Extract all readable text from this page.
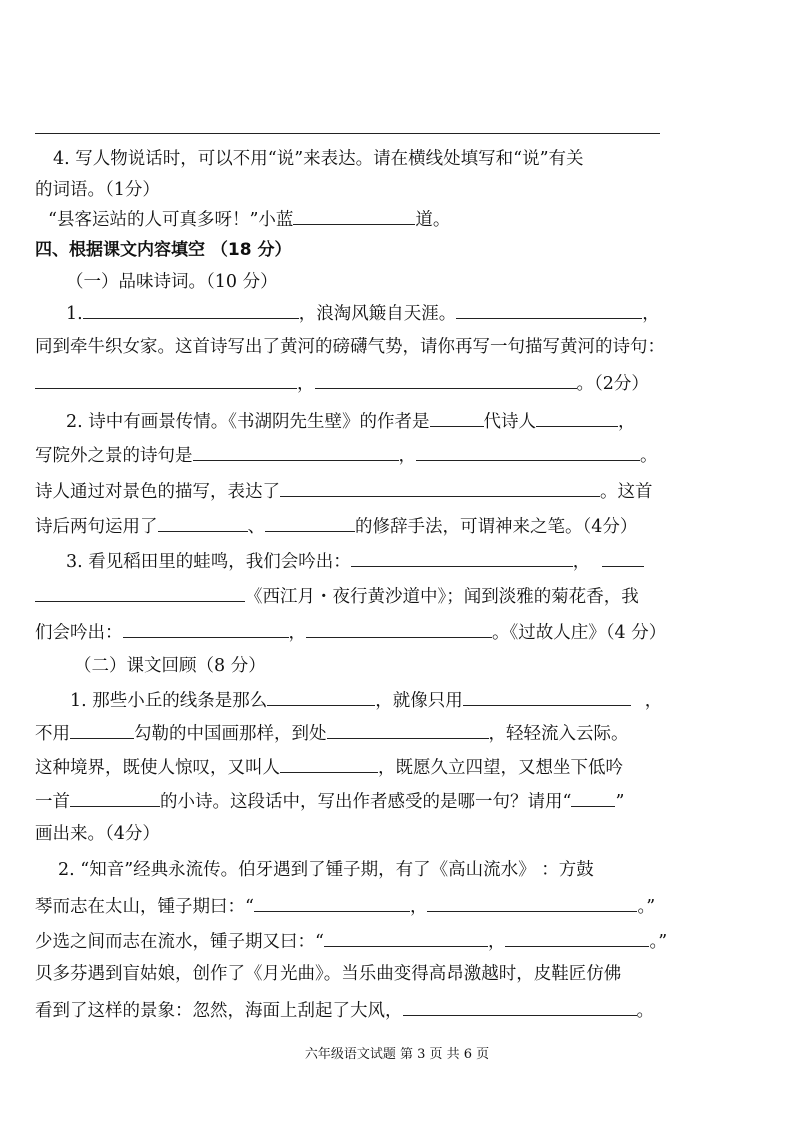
4. 写人物说话时，可以不用“说”来表达。请在横线处填写和“说”有关
的词语。（1分）
“县客运站的人可真多呀！”小蓝	道。
四、根据课文内容填空 （18 分）
（一）品味诗词。（10 分）
1.	，浪淘风簸自天涯。	，
同到牵牛织女家。这首诗写出了黄河的磅礴气势，请你再写一句描写黄河的诗句：
，	。（2分）
2. 诗中有画景传情。《书湖阴先生壁》的作者是	代诗人	，
写院外之景的诗句是	，	。
诗人通过对景色的描写，表达了	。这首
诗后两句运用了	、	的修辞手法，可谓神来之笔。（4分）
3. 看见稻田里的蛙鸣，我们会吟出：	，
《西江月・夜行黄沙道中》；闻到淡雅的菊花香，我
们会吟出：	，	。《过故人庄》（4 分）
（二）课文回顾（8 分）
1. 那些小丘的线条是那么	，就像只用	，
不用	勾勒的中国画那样，到处	，轻轻流入云际。
这种境界，既使人惊叹，又叫人	，既愿久立四望，又想坐下低吟
一首	的小诗。这段话中，写出作者感受的是哪一句？请用“	”
画出来。（4分）
2. “知音”经典永流传。伯牙遇到了锺子期，有了《高山流水》 ：方鼓
琴而志在太山，锺子期曰：“	，	。”
少选之间而志在流水，锺子期又曰：“	，	。”
贝多芬遇到盲姑娘，创作了《月光曲》。当乐曲变得高昂激越时，皮鞋匠仿佛
看到了这样的景象：忽然，海面上刮起了大风，	。
六年级语文试题 第 3 页 共 6 页
